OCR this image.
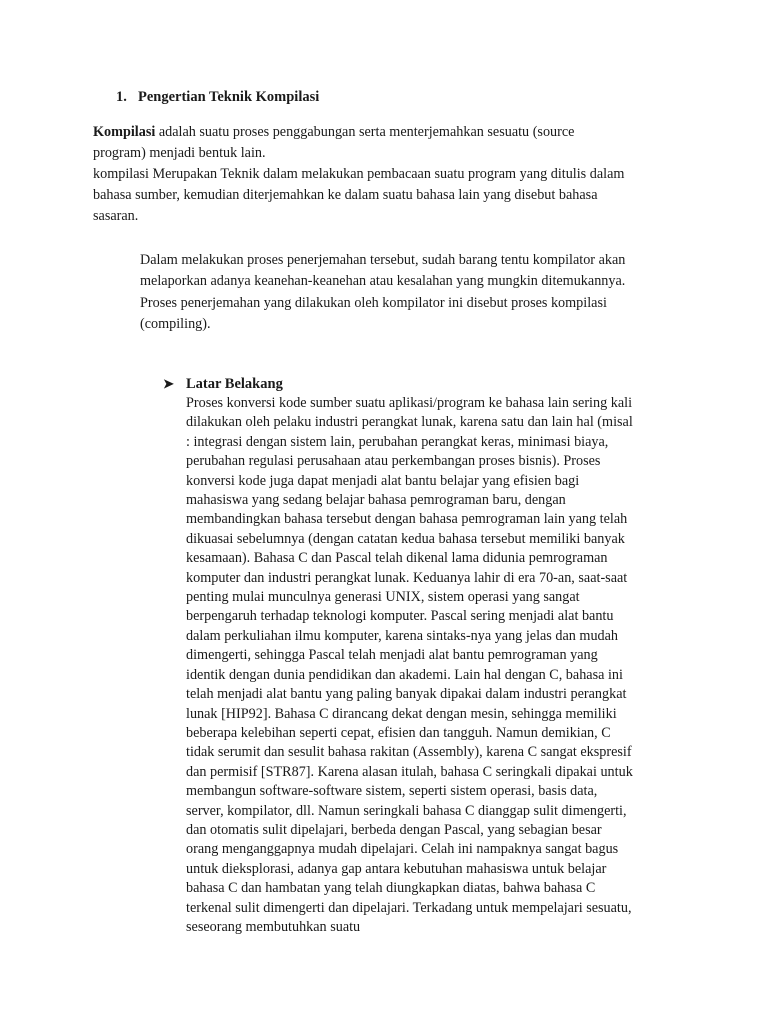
1. Pengertian Teknik Kompilasi
Kompilasi adalah suatu proses penggabungan serta menterjemahkan sesuatu (source
program) menjadi bentuk lain.
kompilasi Merupakan Teknik dalam melakukan pembacaan suatu program yang ditulis dalam
bahasa sumber, kemudian diterjemahkan ke dalam suatu bahasa lain yang disebut bahasa
sasaran.
Dalam melakukan proses penerjemahan tersebut, sudah barang tentu kompilator akan
melaporkan adanya keanehan-keanehan atau kesalahan yang mungkin ditemukannya.
Proses penerjemahan yang dilakukan oleh kompilator ini disebut proses kompilasi
(compiling).
➤ Latar Belakang
Proses konversi kode sumber suatu aplikasi/program ke bahasa lain sering kali
dilakukan oleh pelaku industri perangkat lunak, karena satu dan lain hal (misal
: integrasi dengan sistem lain, perubahan perangkat keras, minimasi biaya,
perubahan regulasi perusahaan atau perkembangan proses bisnis). Proses
konversi kode juga dapat menjadi alat bantu belajar yang efisien bagi
mahasiswa yang sedang belajar bahasa pemrograman baru, dengan
membandingkan bahasa tersebut dengan bahasa pemrograman lain yang telah
dikuasai sebelumnya (dengan catatan kedua bahasa tersebut memiliki banyak
kesamaan). Bahasa C dan Pascal telah dikenal lama didunia pemrograman
komputer dan industri perangkat lunak. Keduanya lahir di era 70-an, saat-saat
penting mulai munculnya generasi UNIX, sistem operasi yang sangat
berpengaruh terhadap teknologi komputer. Pascal sering menjadi alat bantu
dalam perkuliahan ilmu komputer, karena sintaks-nya yang jelas dan mudah
dimengerti, sehingga Pascal telah menjadi alat bantu pemrograman yang
identik dengan dunia pendidikan dan akademi. Lain hal dengan C, bahasa ini
telah menjadi alat bantu yang paling banyak dipakai dalam industri perangkat
lunak [HIP92]. Bahasa C dirancang dekat dengan mesin, sehingga memiliki
beberapa kelebihan seperti cepat, efisien dan tangguh. Namun demikian, C
tidak serumit dan sesulit bahasa rakitan (Assembly), karena C sangat ekspresif
dan permisif [STR87]. Karena alasan itulah, bahasa C seringkali dipakai untuk
membangun software-software sistem, seperti sistem operasi, basis data,
server, kompilator, dll. Namun seringkali bahasa C dianggap sulit dimengerti,
dan otomatis sulit dipelajari, berbeda dengan Pascal, yang sebagian besar
orang menganggapnya mudah dipelajari. Celah ini nampaknya sangat bagus
untuk dieksplorasi, adanya gap antara kebutuhan mahasiswa untuk belajar
bahasa C dan hambatan yang telah diungkapkan diatas, bahwa bahasa C
terkenal sulit dimengerti dan dipelajari. Terkadang untuk mempelajari sesuatu,
seseorang membutuhkan suatu
